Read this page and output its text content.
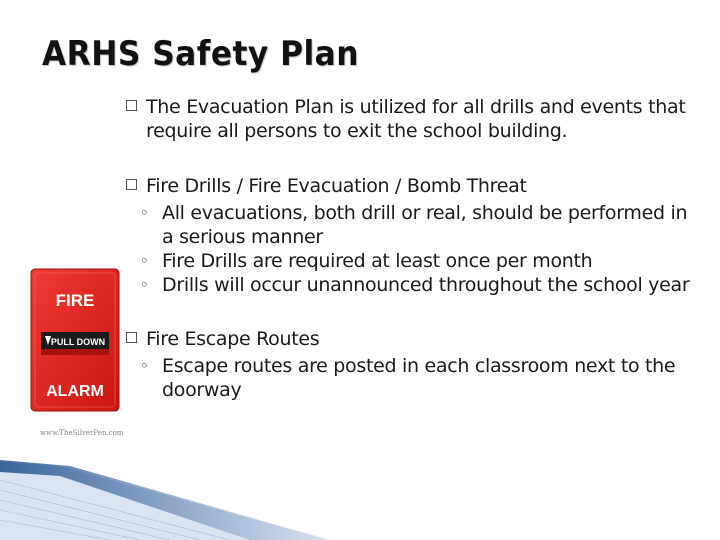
ARHS Safety Plan
The Evacuation Plan is utilized for all drills and events that require all persons to exit the school building.
Fire Drills / Fire Evacuation / Bomb Threat
◦ All evacuations, both drill or real, should be performed in a serious manner
◦ Fire Drills are required at least once per month
◦ Drills will occur unannounced throughout the school year
Fire Escape Routes
◦ Escape routes are posted in each classroom next to the doorway
FIRE
PULL DOWN
ALARM
www.TheSilverPen.com
